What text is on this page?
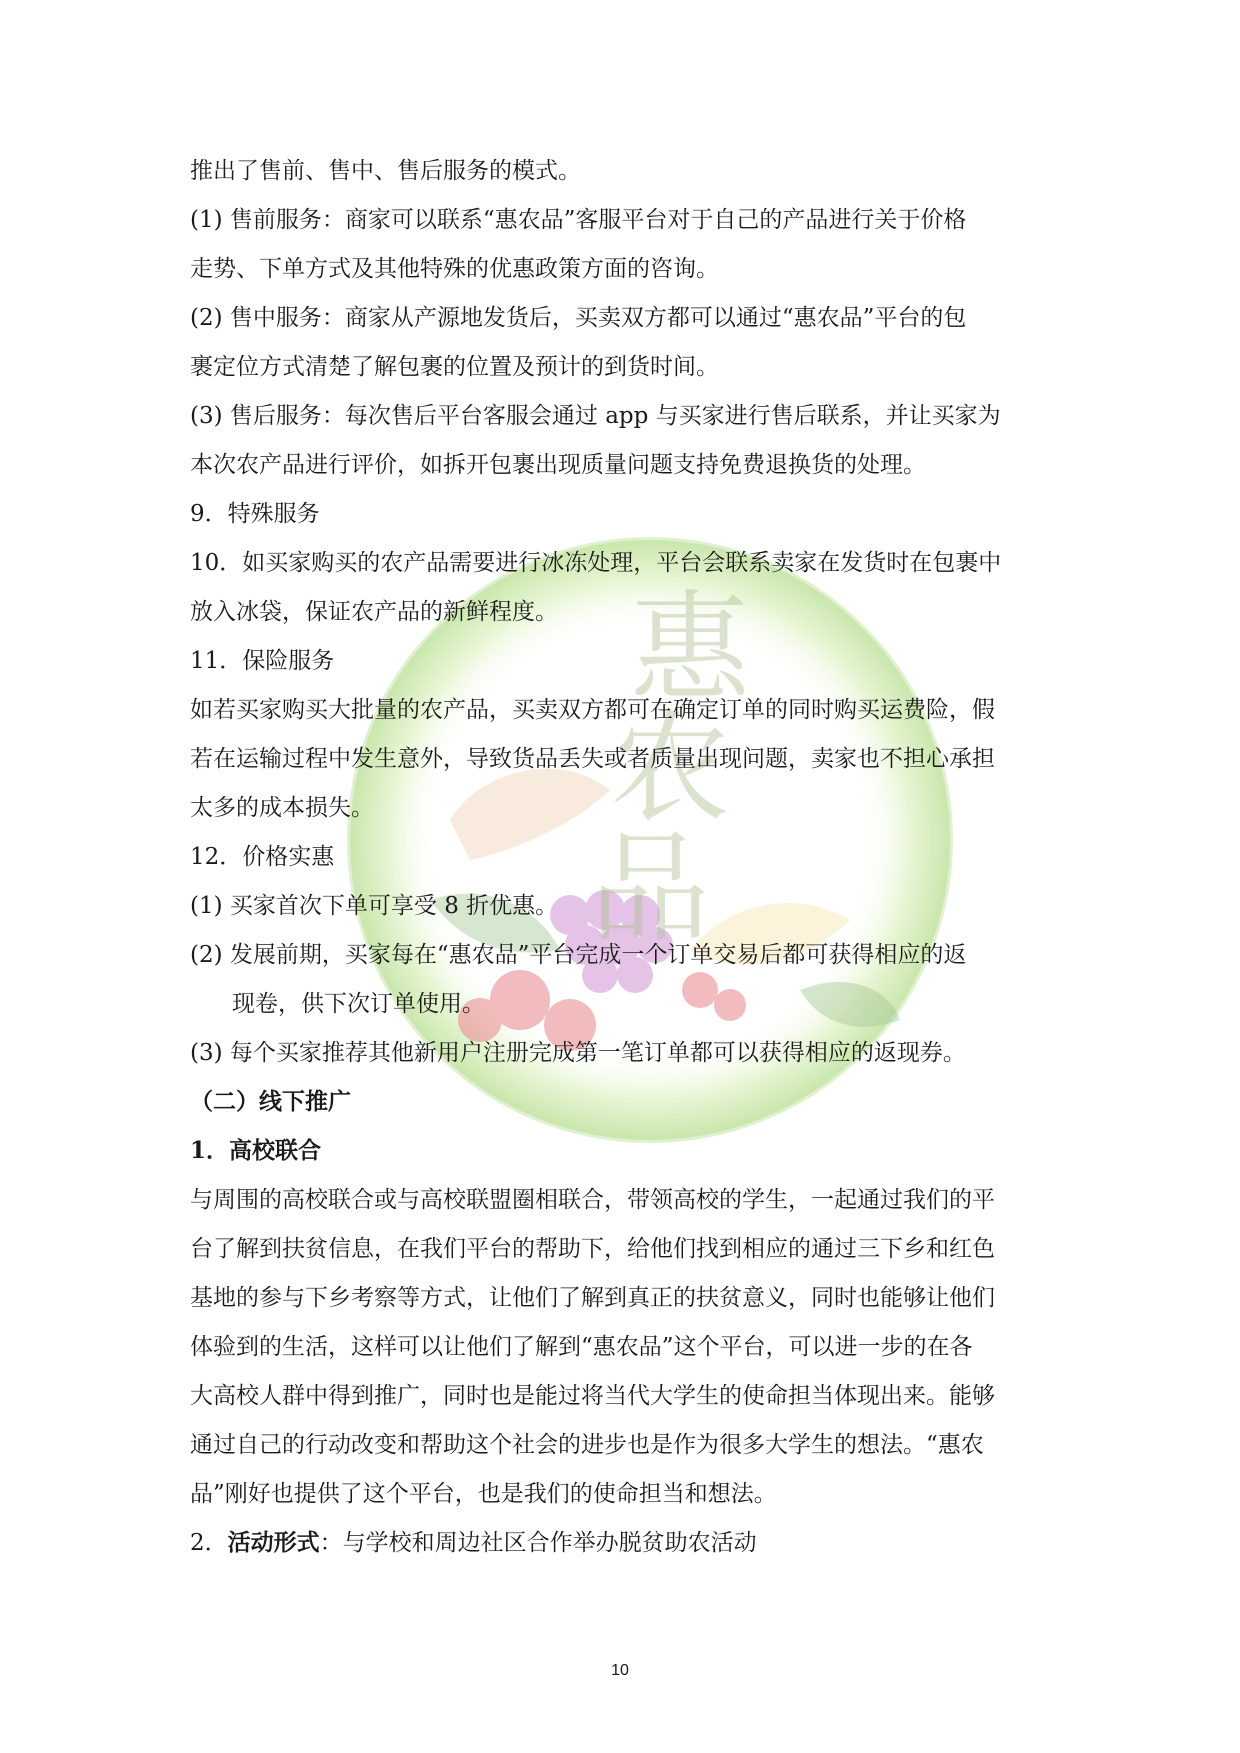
惠
农
品
推出了售前、售中、售后服务的模式。
(1) 售前服务：商家可以联系“惠农品”客服平台对于自己的产品进行关于价格
走势、下单方式及其他特殊的优惠政策方面的咨询。
(2) 售中服务：商家从产源地发货后，买卖双方都可以通过“惠农品”平台的包
裹定位方式清楚了解包裹的位置及预计的到货时间。
(3) 售后服务：每次售后平台客服会通过 app 与买家进行售后联系，并让买家为
本次农产品进行评价，如拆开包裹出现质量问题支持免费退换货的处理。
9．特殊服务
10．如买家购买的农产品需要进行冰冻处理，平台会联系卖家在发货时在包裹中
放入冰袋，保证农产品的新鲜程度。
11．保险服务
如若买家购买大批量的农产品，买卖双方都可在确定订单的同时购买运费险，假
若在运输过程中发生意外，导致货品丢失或者质量出现问题，卖家也不担心承担
太多的成本损失。
12．价格实惠
(1) 买家首次下单可享受 8 折优惠。
(2) 发展前期，买家每在“惠农品”平台完成一个订单交易后都可获得相应的返
现卷，供下次订单使用。
(3) 每个买家推荐其他新用户注册完成第一笔订单都可以获得相应的返现券。
（二）线下推广
1．高校联合
与周围的高校联合或与高校联盟圈相联合，带领高校的学生，一起通过我们的平
台了解到扶贫信息，在我们平台的帮助下，给他们找到相应的通过三下乡和红色
基地的参与下乡考察等方式，让他们了解到真正的扶贫意义，同时也能够让他们
体验到的生活，这样可以让他们了解到“惠农品”这个平台，可以进一步的在各
大高校人群中得到推广，同时也是能过将当代大学生的使命担当体现出来。能够
通过自己的行动改变和帮助这个社会的进步也是作为很多大学生的想法。“惠农
品”刚好也提供了这个平台，也是我们的使命担当和想法。
2．活动形式：与学校和周边社区合作举办脱贫助农活动
10
